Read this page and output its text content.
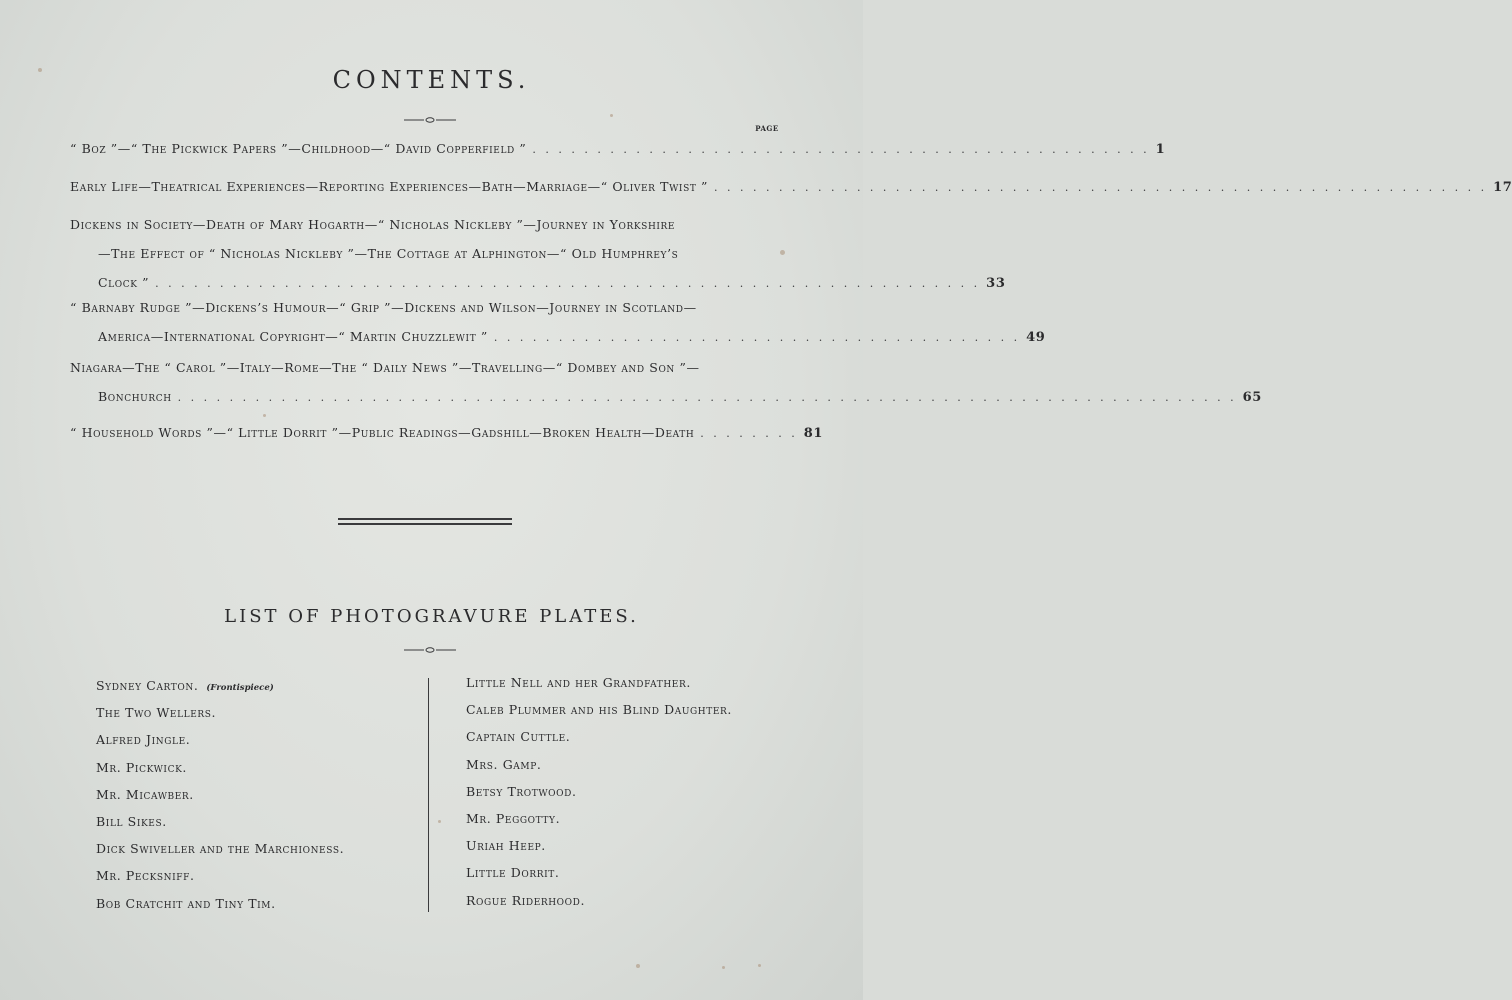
CONTENTS.
PAGE
“ Boz ”—“ The Pickwick Papers ”—Childhood—“ David Copperfield ” . . . . . . . . . . . . . . . . . . . . . . . . . . . . . . . . . . . . . . . . . . . . . . . . 1
Early Life—Theatrical Experiences—Reporting Experiences—Bath—Marriage—“ Oliver Twist ” . . . . . . . . . . . . . . . . . . . . . . . . . . . . . . . . . . . . . . . . . . . . . . . . . . . . . . . . . . . . 17
Dickens in Society—Death of Mary Hogarth—“ Nicholas Nickleby ”—Journey in Yorkshire
—The Effect of “ Nicholas Nickleby ”—The Cottage at Alphington—“ Old Humphrey’s
Clock ” . . . . . . . . . . . . . . . . . . . . . . . . . . . . . . . . . . . . . . . . . . . . . . . . . . . . . . . . . . . . . . . . 33
“ Barnaby Rudge ”—Dickens’s Humour—“ Grip ”—Dickens and Wilson—Journey in Scotland—
America—International Copyright—“ Martin Chuzzlewit ” . . . . . . . . . . . . . . . . . . . . . . . . . . . . . . . . . . . . . . . . . 49
Niagara—The “ Carol ”—Italy—Rome—The “ Daily News ”—Travelling—“ Dombey and Son ”—
Bonchurch . . . . . . . . . . . . . . . . . . . . . . . . . . . . . . . . . . . . . . . . . . . . . . . . . . . . . . . . . . . . . . . . . . . . . . . . . . . . . . . . . . 65
“ Household Words ”—“ Little Dorrit ”—Public Readings—Gadshill—Broken Health—Death . . . . . . . . 81
LIST OF PHOTOGRAVURE PLATES.
Sydney Carton. (Frontispiece)
The Two Wellers.
Alfred Jingle.
Mr. Pickwick.
Mr. Micawber.
Bill Sikes.
Dick Swiveller and the Marchioness.
Mr. Pecksniff.
Bob Cratchit and Tiny Tim.
Little Nell and her Grandfather.
Caleb Plummer and his Blind Daughter.
Captain Cuttle.
Mrs. Gamp.
Betsy Trotwood.
Mr. Peggotty.
Uriah Heep.
Little Dorrit.
Rogue Riderhood.
